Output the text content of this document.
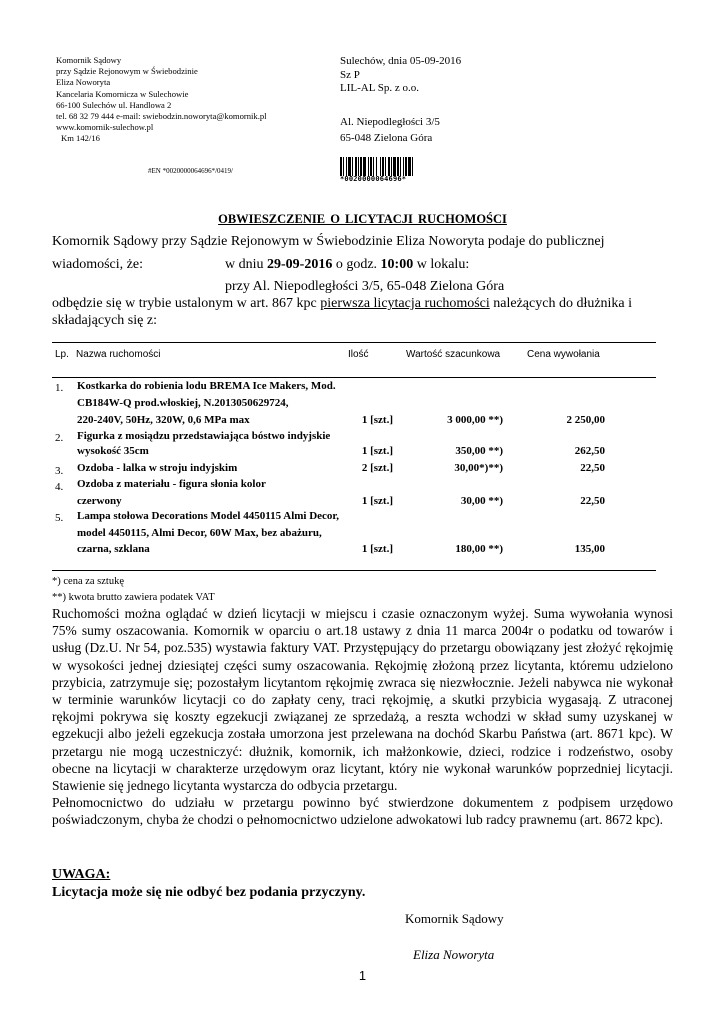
Komornik Sądowy
przy Sądzie Rejonowym w Świebodzinie
Eliza Noworyta
Kancelaria Komornicza w Sulechowie
66-100 Sulechów ul. Handlowa 2
tel. 68 32 79 444 e-mail: swiebodzin.noworyta@komornik.pl
www.komornik-sulechow.pl
Km 142/16
#EN *0020000064696*/0419/
Sulechów, dnia 05-09-2016
Sz P
LIL-AL Sp. z o.o.
Al. Niepodległości 3/5
65-048 Zielona Góra
*0020000064696*
OBWIESZCZENIE O LICYTACJI RUCHOMOŚCI
Komornik Sądowy przy Sądzie Rejonowym w Świebodzinie Eliza Noworyta podaje do publicznej
wiadomości, że:	w dniu 29-09-2016 o godz. 10:00 w lokalu:
przy Al. Niepodległości 3/5, 65-048 Zielona Góra
odbędzie się w trybie ustalonym w art. 867 kpc pierwsza licytacja ruchomości należących do dłużnika i
składających się z:
Lp. Nazwa ruchomości	Ilość	Wartość szacunkowa	Cena wywołania
1. Kostkarka do robienia lodu BREMA Ice Makers, Mod.
CB184W-Q prod.włoskiej, N.2013050629724,
220-240V, 50Hz, 320W, 0,6 MPa max	1 [szt.]	3 000,00 **)	2 250,00
2. Figurka z mosiądzu przedstawiająca bóstwo indyjskie
wysokość 35cm	1 [szt.]	350,00 **)	262,50
3. Ozdoba - lalka w stroju indyjskim	2 [szt.]	30,00*)**)	22,50
4. Ozdoba z materiału - figura słonia kolor
czerwony	1 [szt.]	30,00 **)	22,50
5. Lampa stołowa Decorations Model 4450115 Almi Decor,
model 4450115, Almi Decor, 60W Max, bez abażuru,
czarna, szklana	1 [szt.]	180,00 **)	135,00
*) cena za sztukę
**) kwota brutto zawiera podatek VAT

Ruchomości można oglądać w dzień licytacji w miejscu i czasie oznaczonym wyżej. Suma wywołania wynosi 75% sumy oszacowania. Komornik w oparciu o art.18 ustawy z dnia 11 marca 2004r o podatku od towarów i usług (Dz.U. Nr 54, poz.535) wystawia faktury VAT. Przystępujący do przetargu obowiązany jest złożyć rękojmię w wysokości jednej dziesiątej części sumy oszacowania. Rękojmię złożoną przez licytanta, któremu udzielono przybicia, zatrzymuje się; pozostałym licytantom rękojmię zwraca się niezwłocznie. Jeżeli nabywca nie wykonał w terminie warunków licytacji co do zapłaty ceny, traci rękojmię, a skutki przybicia wygasają. Z utraconej rękojmi pokrywa się koszty egzekucji związanej ze sprzedażą, a reszta wchodzi w skład sumy uzyskanej w egzekucji albo jeżeli egzekucja została umorzona jest przelewana na dochód Skarbu Państwa (art. 8671 kpc). W przetargu nie mogą uczestniczyć: dłużnik, komornik, ich małżonkowie, dzieci, rodzice i rodzeństwo, osoby obecne na licytacji w charakterze urzędowym oraz licytant, który nie wykonał warunków poprzedniej licytacji. Stawienie się jednego licytanta wystarcza do odbycia przetargu.

Pełnomocnictwo do udziału w przetargu powinno być stwierdzone dokumentem z podpisem urzędowo poświadczonym, chyba że chodzi o pełnomocnictwo udzielone adwokatowi lub radcy prawnemu (art. 8672 kpc).

UWAGA:
Licytacja może się nie odbyć bez podania przyczyny.
Komornik Sądowy
Eliza Noworyta
1
